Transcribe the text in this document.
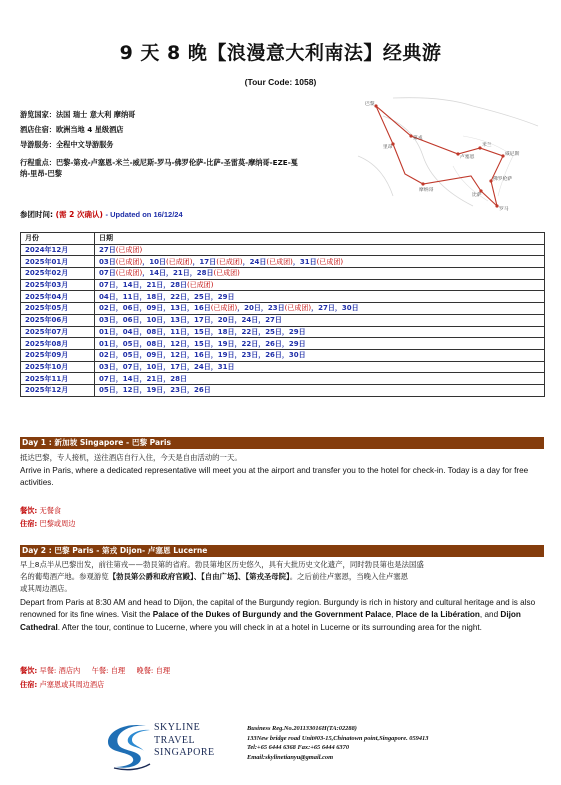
9 天 8 晚【浪漫意大利南法】经典游
(Tour Code: 1058)
游览国家：法国 瑞士 意大利 摩纳哥
酒店住宿：欧洲当地 4 星级酒店
导游服务：全程中文导游服务
行程重点：巴黎-第戎-卢塞恩-米兰-威尼斯-罗马-佛罗伦萨-比萨-圣雷莫-摩纳哥-EZE-戛
纳-里昂-巴黎
巴黎
第戎
卢塞恩
米兰
威尼斯
佛罗伦萨
比萨
罗马
摩纳哥
里昂
参团时间: (需 2 次确认) - Updated on 16/12/24
月份	日期
2024年12月	27日(已成团)
2025年01月	03日(已成团)，10日(已成团)，17日(已成团)，24日(已成团)，31日(已成团)
2025年02月	07日(已成团)，14日，21日，28日(已成团)
2025年03月	07日，14日，21日，28日(已成团)
2025年04月	04日，11日，18日，22日，25日，29日
2025年05月	02日，06日，09日，13日，16日(已成团)，20日，23日(已成团)，27日，30日
2025年06月	03日，06日，10日，13日，17日，20日，24日，27日
2025年07月	01日，04日，08日，11日，15日，18日，22日，25日，29日
2025年08月	01日，05日，08日，12日，15日，19日，22日，26日，29日
2025年09月	02日，05日，09日，12日，16日，19日，23日，26日，30日
2025年10月	03日，07日，10日，17日，24日，31日
2025年11月	07日，14日，21日，28日
2025年12月	05日，12日，19日，23日，26日
Day 1 : 新加坡 Singapore - 巴黎 Paris
抵达巴黎，专人接机，送往酒店自行入住，今天是自由活动的一天。
Arrive in Paris, where a dedicated representative will meet you at the airport and transfer you to the hotel for check-in. Today is a day for free activities.
餐饮: 无餐食
住宿: 巴黎或周边
Day 2 : 巴黎 Paris - 第戎 Dijon- 卢塞恩 Lucerne
早上8点半从巴黎出发，前往第戎——勃艮第的省府。勃艮第地区历史悠久，具有大批历史文化遗产，同时勃艮第也是法国盛
名的葡萄酒产地。参观游览【勃艮第公爵和政府官殿】、【自由广场】、【第戎圣母院】。之后前往卢塞恩，当晚入住卢塞恩
或其周边酒店。
Depart from Paris at 8:30 AM and head to Dijon, the capital of the Burgundy region. Burgundy is rich in history and cultural heritage and is also renowned for its fine wines. Visit the Palace of the Dukes of Burgundy and the Government Palace, Place de la Libération, and Dijon Cathedral. After the tour, continue to Lucerne, where you will check in at a hotel in Lucerne or its surrounding area for the night.
餐饮: 早餐: 酒店内 午餐: 自理 晚餐: 自理
住宿: 卢塞恩或其周边酒店
SKYLINE
TRAVEL
SINGAPORE
Business Reg.No.201133016H(TA:02288)
133New bridge road Unit#03-15,Chinatown point,Singapore. 059413
Tel:+65 6444 6368 Fax:+65 6444 6370
Email:skylinetianyu@gmail.com
